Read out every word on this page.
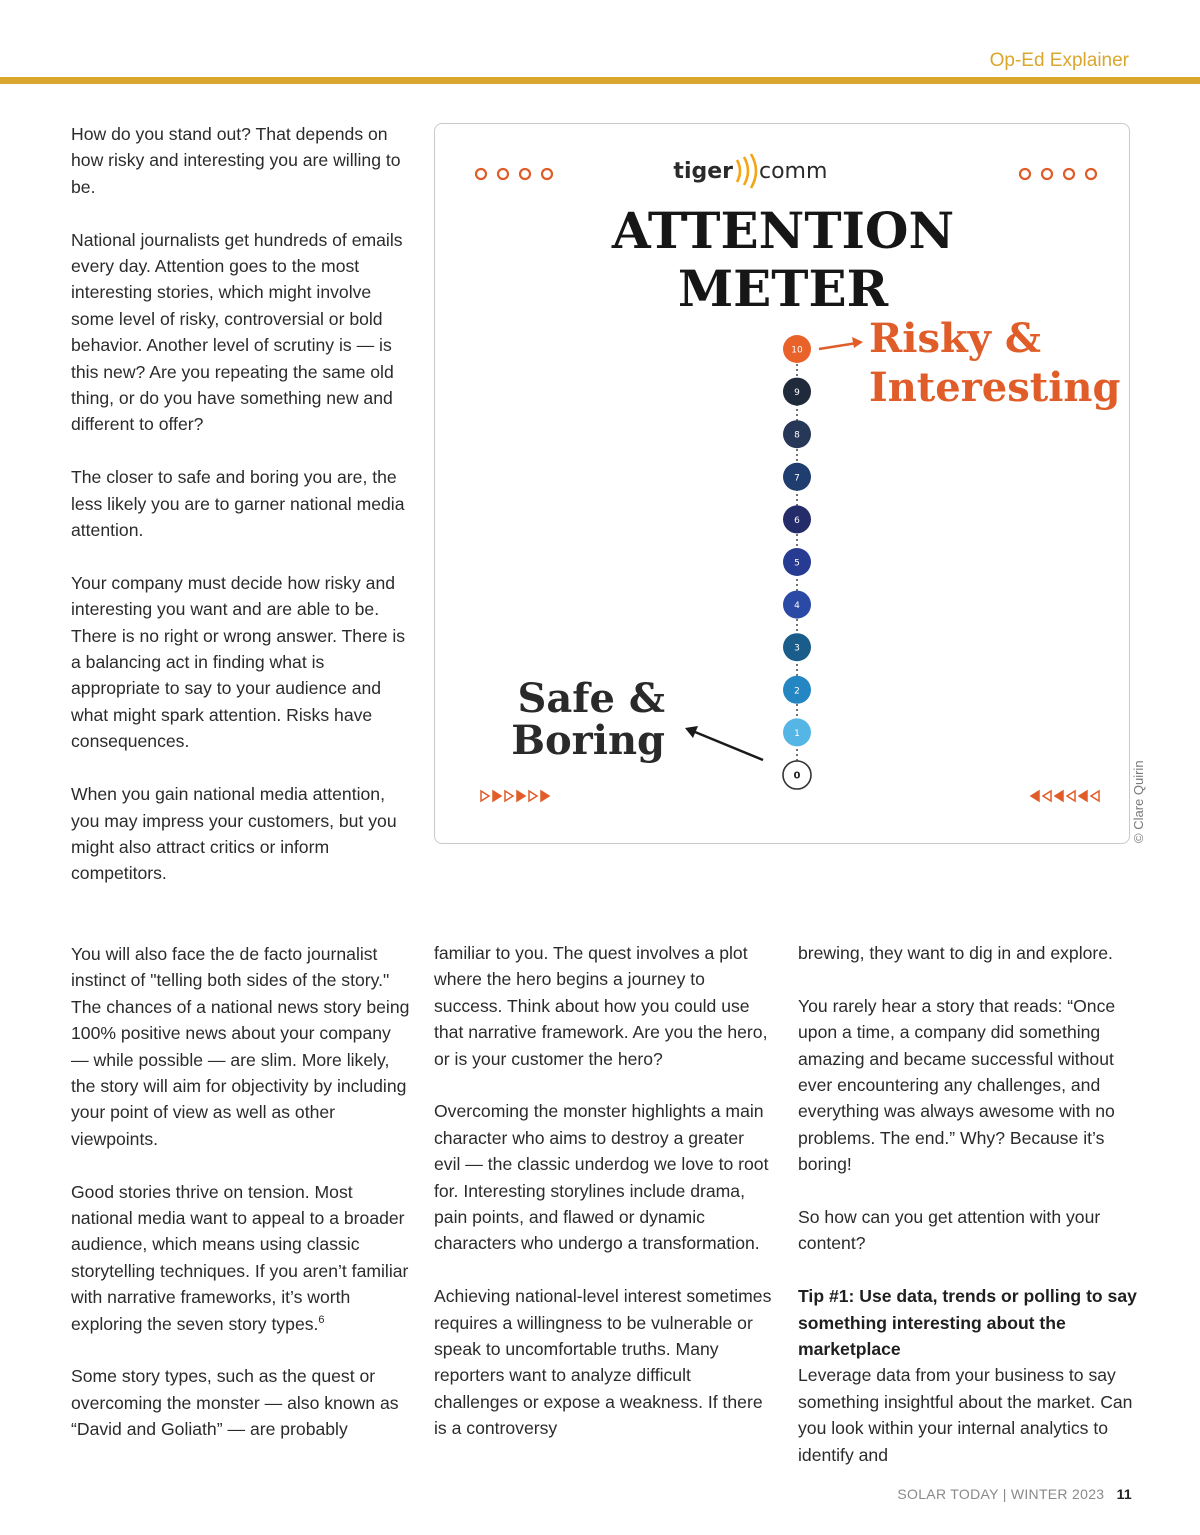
Op-Ed Explainer

How do you stand out? That depends on how risky and interesting you are willing to be.

National journalists get hundreds of emails every day. Attention goes to the most interesting stories, which might involve some level of risky, controversial or bold behavior. Another level of scrutiny is — is this new? Are you repeating the same old thing, or do you have something new and different to offer?

The closer to safe and boring you are, the less likely you are to garner national media attention.

Your company must decide how risky and interesting you want and are able to be. There is no right or wrong answer. There is a balancing act in finding what is appropriate to say to your audience and what might spark attention. Risks have consequences.

When you gain national media attention, you may impress your customers, but you might also attract critics or inform competitors.

tiger comm
ATTENTION
METER
10
9
8
7
6
5
4
3
2
1
0
Risky &
Interesting
Safe &
Boring
© Clare Quirin

You will also face the de facto journalist instinct of "telling both sides of the story." The chances of a national news story being 100% positive news about your company — while possible — are slim. More likely, the story will aim for objectivity by including your point of view as well as other viewpoints.

Good stories thrive on tension. Most national media want to appeal to a broader audience, which means using classic storytelling techniques. If you aren’t familiar with narrative frameworks, it’s worth exploring the seven story types.$^6$

Some story types, such as the quest or overcoming the monster — also known as “David and Goliath” — are probably

familiar to you. The quest involves a plot where the hero begins a journey to success. Think about how you could use that narrative framework. Are you the hero, or is your customer the hero?

Overcoming the monster highlights a main character who aims to destroy a greater evil — the classic underdog we love to root for. Interesting storylines include drama, pain points, and flawed or dynamic characters who undergo a transformation.

Achieving national-level interest sometimes requires a willingness to be vulnerable or speak to uncomfortable truths. Many reporters want to analyze difficult challenges or expose a weakness. If there is a controversy

brewing, they want to dig in and explore.

You rarely hear a story that reads: “Once upon a time, a company did something amazing and became successful without ever encountering any challenges, and everything was always awesome with no problems. The end.” Why? Because it’s boring!

So how can you get attention with your content?

Tip #1: Use data, trends or polling to say something interesting about the marketplace

Leverage data from your business to say something insightful about the market. Can you look within your internal analytics to identify and

SOLAR TODAY | WINTER 2023 11
